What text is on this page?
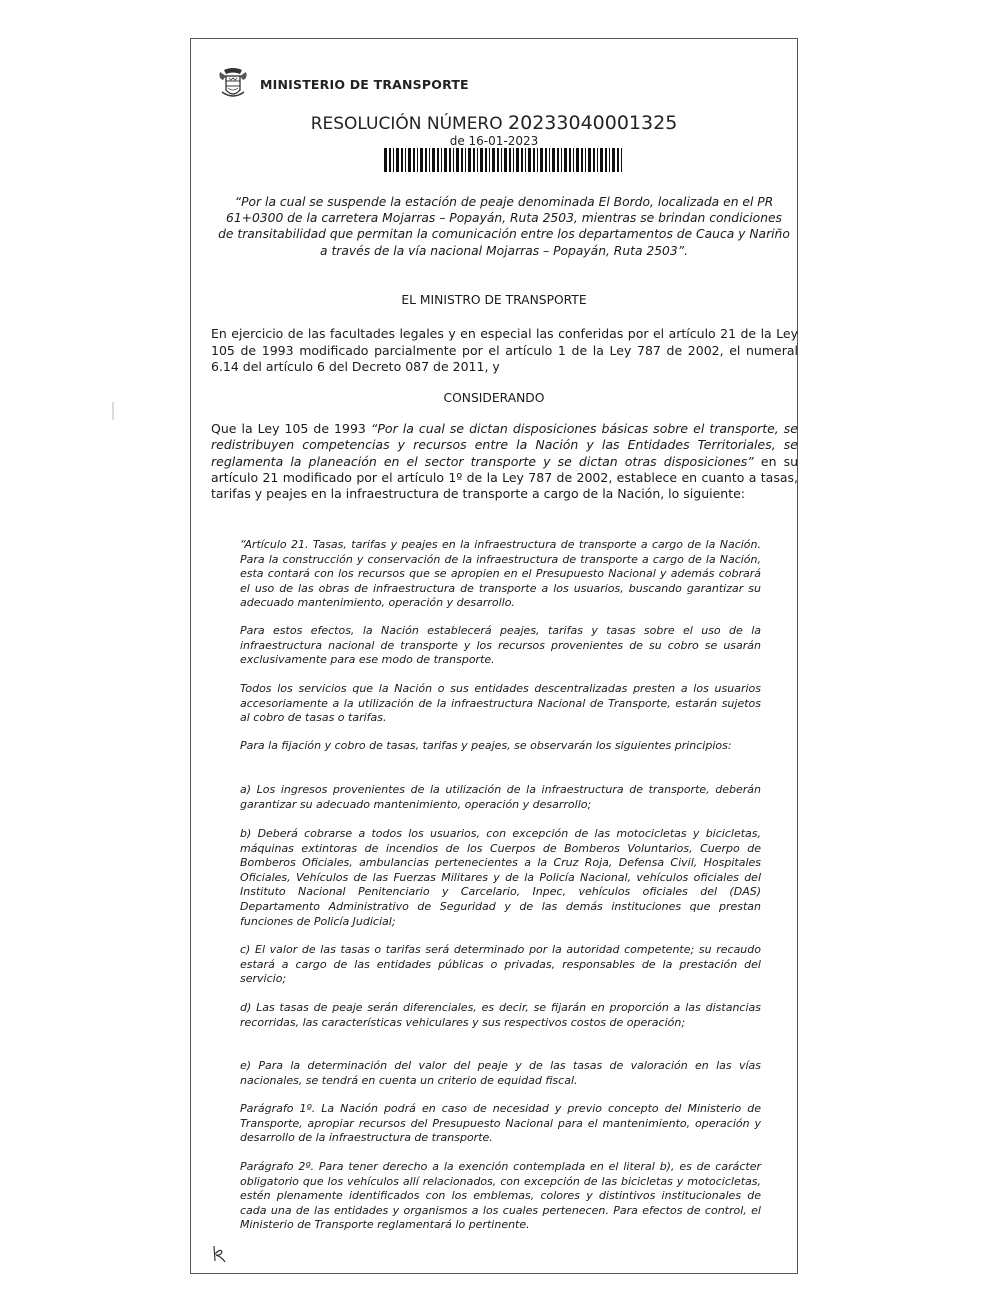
MINISTERIO DE TRANSPORTE
RESOLUCIÓN NÚMERO 20233040001325
de 16-01-2023
“Por la cual se suspende la estación de peaje denominada El Bordo, localizada en el PR 61+0300 de la carretera Mojarras – Popayán, Ruta 2503, mientras se brindan condiciones de transitabilidad que permitan la comunicación entre los departamentos de Cauca y Nariño a través de la vía nacional Mojarras – Popayán, Ruta 2503”.
EL MINISTRO DE TRANSPORTE
En ejercicio de las facultades legales y en especial las conferidas por el artículo 21 de la Ley 105 de 1993 modificado parcialmente por el artículo 1 de la Ley 787 de 2002, el numeral 6.14 del artículo 6 del Decreto 087 de 2011, y
CONSIDERANDO
Que la Ley 105 de 1993 “Por la cual se dictan disposiciones básicas sobre el transporte, se redistribuyen competencias y recursos entre la Nación y las Entidades Territoriales, se reglamenta la planeación en el sector transporte y se dictan otras disposiciones” en su artículo 21 modificado por el artículo 1º de la Ley 787 de 2002, establece en cuanto a tasas, tarifas y peajes en la infraestructura de transporte a cargo de la Nación, lo siguiente:

“Artículo 21. Tasas, tarifas y peajes en la infraestructura de transporte a cargo de la Nación. Para la construcción y conservación de la infraestructura de transporte a cargo de la Nación, esta contará con los recursos que se apropien en el Presupuesto Nacional y además cobrará el uso de las obras de infraestructura de transporte a los usuarios, buscando garantizar su adecuado mantenimiento, operación y desarrollo.

Para estos efectos, la Nación establecerá peajes, tarifas y tasas sobre el uso de la infraestructura nacional de transporte y los recursos provenientes de su cobro se usarán exclusivamente para ese modo de transporte.

Todos los servicios que la Nación o sus entidades descentralizadas presten a los usuarios accesoriamente a la utilización de la infraestructura Nacional de Transporte, estarán sujetos al cobro de tasas o tarifas.

Para la fijación y cobro de tasas, tarifas y peajes, se observarán los siguientes principios:

a) Los ingresos provenientes de la utilización de la infraestructura de transporte, deberán garantizar su adecuado mantenimiento, operación y desarrollo;

b) Deberá cobrarse a todos los usuarios, con excepción de las motocicletas y bicicletas, máquinas extintoras de incendios de los Cuerpos de Bomberos Voluntarios, Cuerpo de Bomberos Oficiales, ambulancias pertenecientes a la Cruz Roja, Defensa Civil, Hospitales Oficiales, Vehículos de las Fuerzas Militares y de la Policía Nacional, vehículos oficiales del Instituto Nacional Penitenciario y Carcelario, Inpec, vehículos oficiales del (DAS) Departamento Administrativo de Seguridad y de las demás instituciones que prestan funciones de Policía Judicial;

c) El valor de las tasas o tarifas será determinado por la autoridad competente; su recaudo estará a cargo de las entidades públicas o privadas, responsables de la prestación del servicio;

d) Las tasas de peaje serán diferenciales, es decir, se fijarán en proporción a las distancias recorridas, las características vehiculares y sus respectivos costos de operación;

e) Para la determinación del valor del peaje y de las tasas de valoración en las vías nacionales, se tendrá en cuenta un criterio de equidad fiscal.

Parágrafo 1º. La Nación podrá en caso de necesidad y previo concepto del Ministerio de Transporte, apropiar recursos del Presupuesto Nacional para el mantenimiento, operación y desarrollo de la infraestructura de transporte.

Parágrafo 2º. Para tener derecho a la exención contemplada en el literal b), es de carácter obligatorio que los vehículos allí relacionados, con excepción de las bicicletas y motocicletas, estén plenamente identificados con los emblemas, colores y distintivos institucionales de cada una de las entidades y organismos a los cuales pertenecen. Para efectos de control, el Ministerio de Transporte reglamentará lo pertinente.
